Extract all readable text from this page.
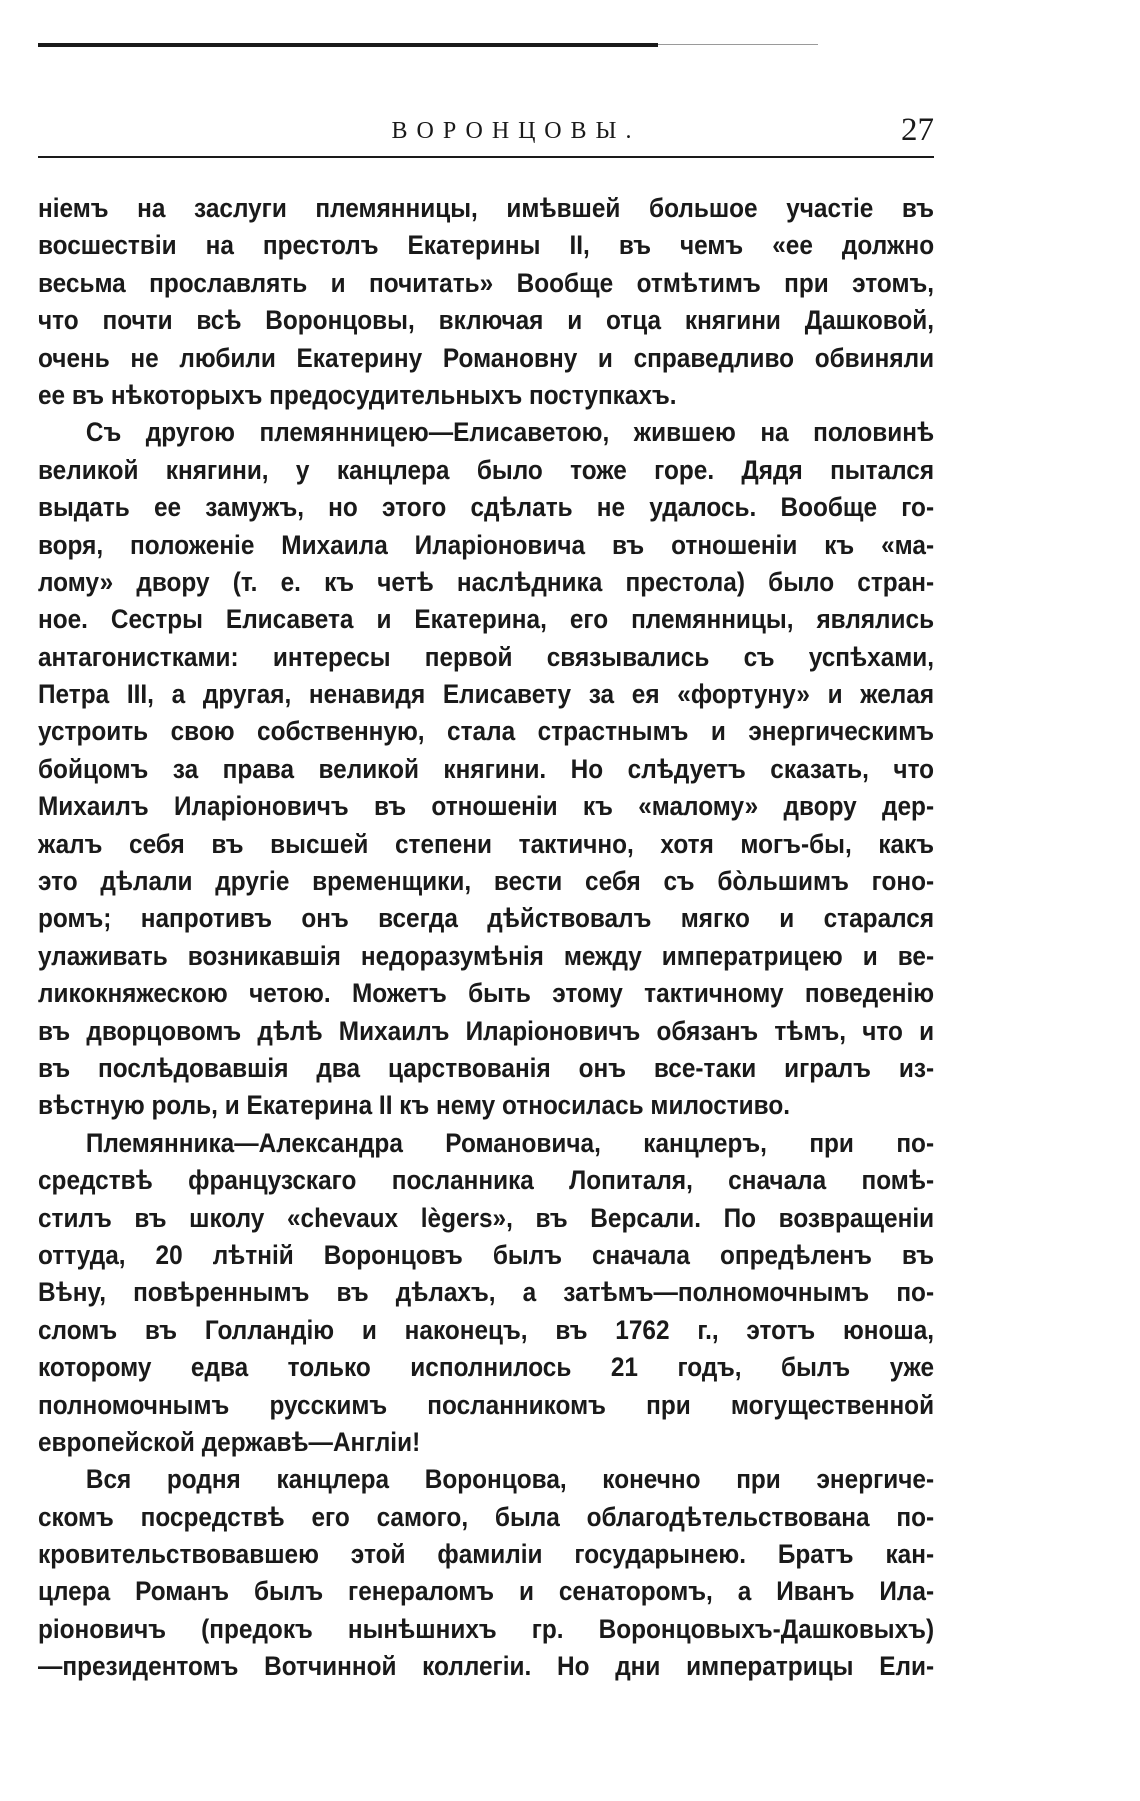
ВОРОНЦОВЫ.	27
ніемъ на заслуги племянницы, имѣвшей большое участіе въ
восшествіи на престолъ Екатерины II, въ чемъ «ее должно
весьма прославлять и почитать» Вообще отмѣтимъ при этомъ,
что почти всѣ Воронцовы, включая и отца княгини Дашковой,
очень не любили Екатерину Романовну и справедливо обвиняли
ее въ нѣкоторыхъ предосудительныхъ поступкахъ.
Съ другою племянницею—Елисаветою, жившею на половинѣ
великой княгини, у канцлера было тоже горе. Дядя пытался
выдать ее замужъ, но этого сдѣлать не удалось. Вообще го-
воря, положеніе Михаила Иларіоновича въ отношеніи къ «ма-
лому» двору (т. е. къ четѣ наслѣдника престола) было стран-
ное. Сестры Елисавета и Екатерина, его племянницы, являлись
антагонистками: интересы первой связывались съ успѣхами,
Петра III, а другая, ненавидя Елисавету за ея «фортуну» и желая
устроить свою собственную, стала страстнымъ и энергическимъ
бойцомъ за права великой княгини. Но слѣдуетъ сказать, что
Михаилъ Иларіоновичъ въ отношеніи къ «малому» двору дер-
жалъ себя въ высшей степени тактично, хотя могъ-бы, какъ
это дѣлали другіе временщики, вести себя съ бо̀льшимъ гоно-
ромъ; напротивъ онъ всегда дѣйствовалъ мягко и старался
улаживать возникавшія недоразумѣнія между императрицею и ве-
ликокняжескою четою. Можетъ быть этому тактичному поведенію
въ дворцовомъ дѣлѣ Михаилъ Иларіоновичъ обязанъ тѣмъ, что и
въ послѣдовавшія два царствованія онъ все-таки игралъ из-
вѣстную роль, и Екатерина II къ нему относилась милостиво.
Племянника—Александра Романовича, канцлеръ, при по-
средствѣ французскаго посланника Лопиталя, сначала помѣ-
стилъ въ школу «chevaux lègers», въ Версали. По возвращеніи
оттуда, 20 лѣтній Воронцовъ былъ сначала опредѣленъ въ
Вѣну, повѣреннымъ въ дѣлахъ, а затѣмъ—полномочнымъ по-
сломъ въ Голландію и наконецъ, въ 1762 г., этотъ юноша,
которому едва только исполнилось 21 годъ, былъ уже
полномочнымъ русскимъ посланникомъ при могущественной
европейской державѣ—Англіи!
Вся родня канцлера Воронцова, конечно при энергиче-
скомъ посредствѣ его самого, была облагодѣтельствована по-
кровительствовавшею этой фамиліи государынею. Братъ кан-
цлера Романъ былъ генераломъ и сенаторомъ, а Иванъ Ила-
ріоновичъ (предокъ нынѣшнихъ гр. Воронцовыхъ-Дашковыхъ)
—президентомъ Вотчинной коллегіи. Но дни императрицы Ели-
